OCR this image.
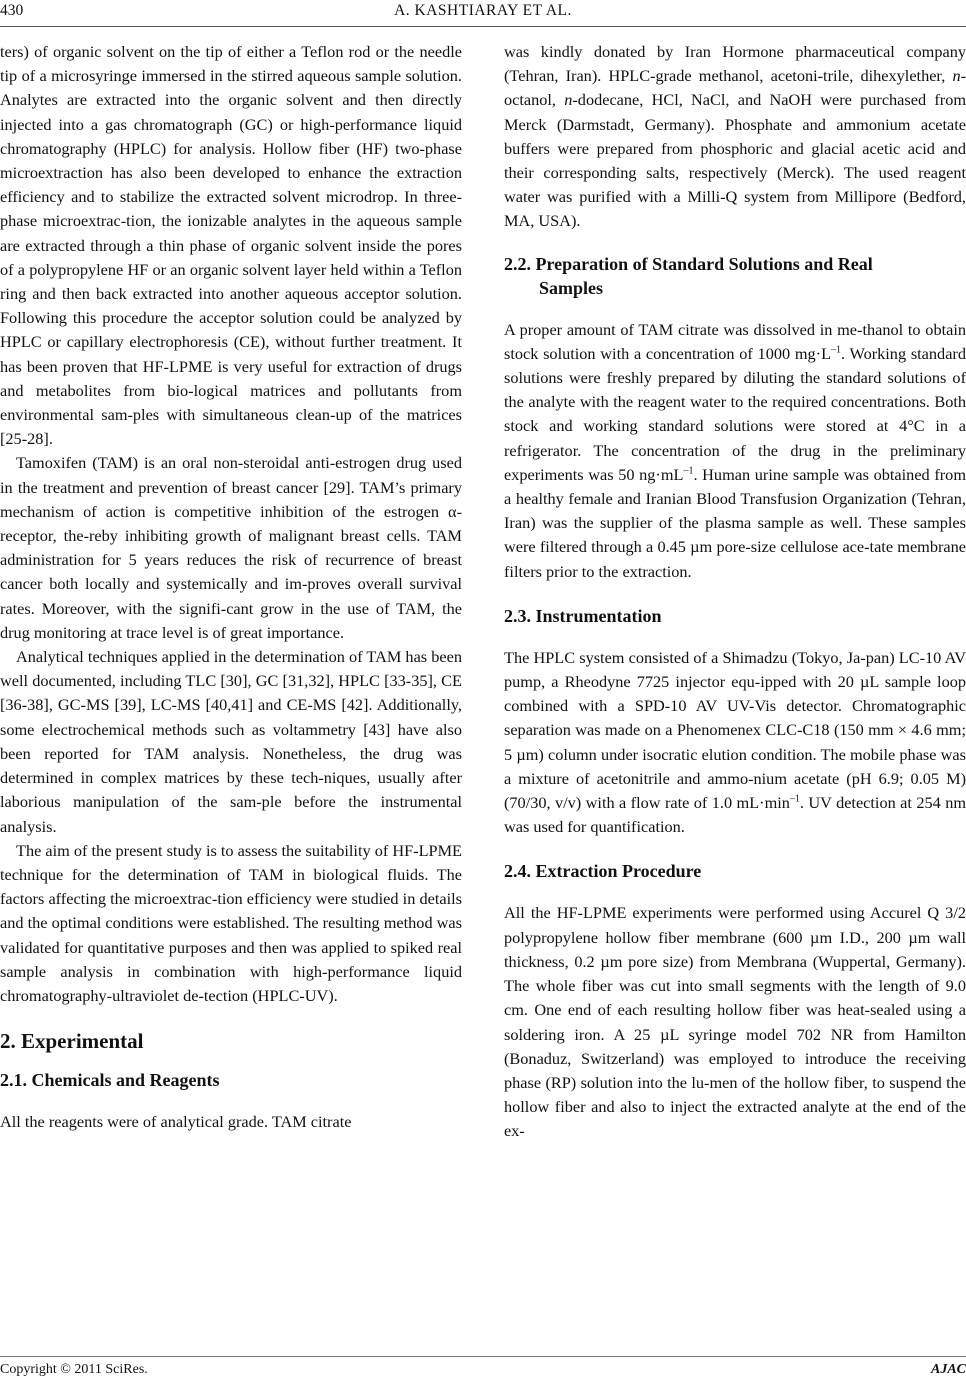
430	A. KASHTIARAY ET AL.

ters) of organic solvent on the tip of either a Teflon rod or the needle tip of a microsyringe immersed in the stirred aqueous sample solution. Analytes are extracted into the organic solvent and then directly injected into a gas chromatograph (GC) or high-performance liquid chromatography (HPLC) for analysis. Hollow fiber (HF) two-phase microextraction has also been developed to enhance the extraction efficiency and to stabilize the extracted solvent microdrop. In three-phase microextrac-tion, the ionizable analytes in the aqueous sample are extracted through a thin phase of organic solvent inside the pores of a polypropylene HF or an organic solvent layer held within a Teflon ring and then back extracted into another aqueous acceptor solution. Following this procedure the acceptor solution could be analyzed by HPLC or capillary electrophoresis (CE), without further treatment. It has been proven that HF-LPME is very useful for extraction of drugs and metabolites from bio-logical matrices and pollutants from environmental sam-ples with simultaneous clean-up of the matrices [25-28].

Tamoxifen (TAM) is an oral non-steroidal anti-estrogen drug used in the treatment and prevention of breast cancer [29]. TAM’s primary mechanism of action is competitive inhibition of the estrogen α-receptor, the-reby inhibiting growth of malignant breast cells. TAM administration for 5 years reduces the risk of recurrence of breast cancer both locally and systemically and im-proves overall survival rates. Moreover, with the signifi-cant grow in the use of TAM, the drug monitoring at trace level is of great importance.

Analytical techniques applied in the determination of TAM has been well documented, including TLC [30], GC [31,32], HPLC [33-35], CE [36-38], GC-MS [39], LC-MS [40,41] and CE-MS [42]. Additionally, some electrochemical methods such as voltammetry [43] have also been reported for TAM analysis. Nonetheless, the drug was determined in complex matrices by these tech-niques, usually after laborious manipulation of the sam-ple before the instrumental analysis.

The aim of the present study is to assess the suitability of HF-LPME technique for the determination of TAM in biological fluids. The factors affecting the microextrac-tion efficiency were studied in details and the optimal conditions were established. The resulting method was validated for quantitative purposes and then was applied to spiked real sample analysis in combination with high-performance liquid chromatography-ultraviolet de-tection (HPLC-UV).

2. Experimental
2.1. Chemicals and Reagents

All the reagents were of analytical grade. TAM citrate

was kindly donated by Iran Hormone pharmaceutical company (Tehran, Iran). HPLC-grade methanol, acetoni-trile, dihexylether, n-octanol, n-dodecane, HCl, NaCl, and NaOH were purchased from Merck (Darmstadt, Germany). Phosphate and ammonium acetate buffers were prepared from phosphoric and glacial acetic acid and their corresponding salts, respectively (Merck). The used reagent water was purified with a Milli-Q system from Millipore (Bedford, MA, USA).

2.2. Preparation of Standard Solutions and Real
Samples

A proper amount of TAM citrate was dissolved in me-thanol to obtain stock solution with a concentration of 1000 $mg\cdot L^{-1}$. Working standard solutions were freshly prepared by diluting the standard solutions of the analyte with the reagent water to the required concentrations. Both stock and working standard solutions were stored at 4°C in a refrigerator. The concentration of the drug in the preliminary experiments was 50 $ng\cdot mL^{-1}$. Human urine sample was obtained from a healthy female and Iranian Blood Transfusion Organization (Tehran, Iran) was the supplier of the plasma sample as well. These samples were filtered through a 0.45 µm pore-size cellulose ace-tate membrane filters prior to the extraction.

2.3. Instrumentation

The HPLC system consisted of a Shimadzu (Tokyo, Ja-pan) LC-10 AV pump, a Rheodyne 7725 injector equ-ipped with 20 µL sample loop combined with a SPD-10 AV UV-Vis detector. Chromatographic separation was made on a Phenomenex CLC-C18 (150 mm × 4.6 mm; 5 µm) column under isocratic elution condition. The mobile phase was a mixture of acetonitrile and ammo-nium acetate (pH 6.9; 0.05 M) (70/30, v/v) with a flow rate of 1.0 $mL\cdot\min^{-1}$. UV detection at 254 nm was used for quantification.

2.4. Extraction Procedure

All the HF-LPME experiments were performed using Accurel Q 3/2 polypropylene hollow fiber membrane (600 µm I.D., 200 µm wall thickness, 0.2 µm pore size) from Membrana (Wuppertal, Germany). The whole fiber was cut into small segments with the length of 9.0 cm. One end of each resulting hollow fiber was heat-sealed using a soldering iron. A 25 µL syringe model 702 NR from Hamilton (Bonaduz, Switzerland) was employed to introduce the receiving phase (RP) solution into the lu-men of the hollow fiber, to suspend the hollow fiber and also to inject the extracted analyte at the end of the ex-

Copyright © 2011 SciRes.	AJAC
